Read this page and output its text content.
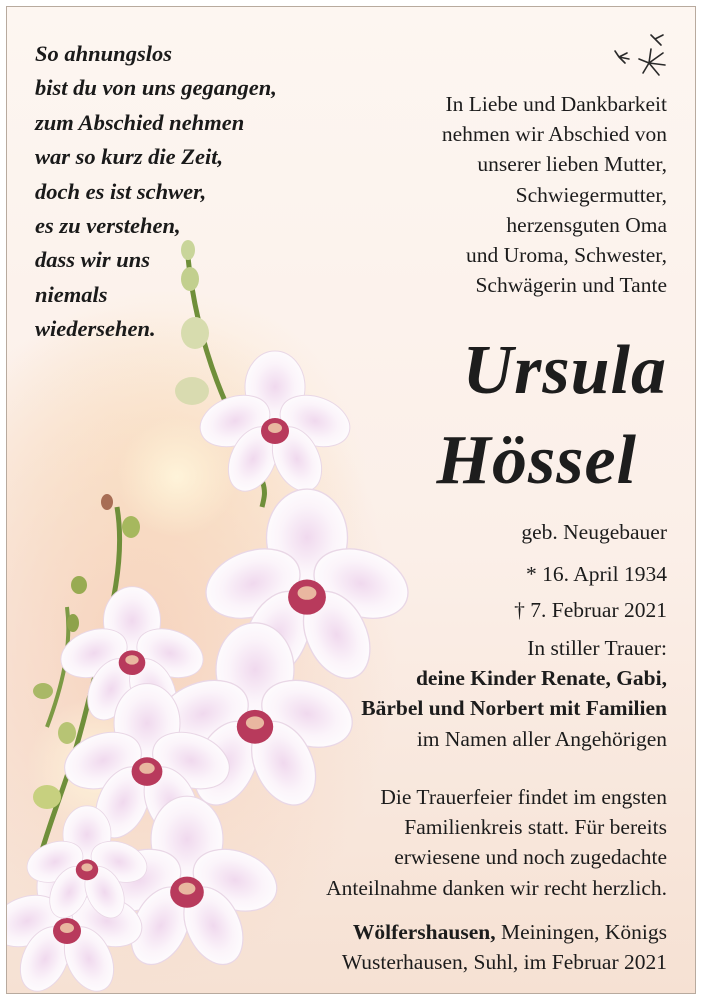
So ahnungslos
bist du von uns gegangen,
zum Abschied nehmen
war so kurz die Zeit,
doch es ist schwer,
es zu verstehen,
dass wir uns
niemals
wiedersehen.
In Liebe und Dankbarkeit
nehmen wir Abschied von
unserer lieben Mutter,
Schwiegermutter,
herzensguten Oma
und Uroma, Schwester,
Schwägerin und Tante
Ursula
Hössel
geb. Neugebauer
* 16. April 1934
† 7. Februar 2021
In stiller Trauer:
deine Kinder Renate, Gabi,
Bärbel und Norbert mit Familien
im Namen aller Angehörigen
Die Trauerfeier findet im engsten
Familienkreis statt. Für bereits
erwiesene und noch zugedachte
Anteilnahme danken wir recht herzlich.
Wölfershausen, Meiningen, Königs
Wusterhausen, Suhl, im Februar 2021
